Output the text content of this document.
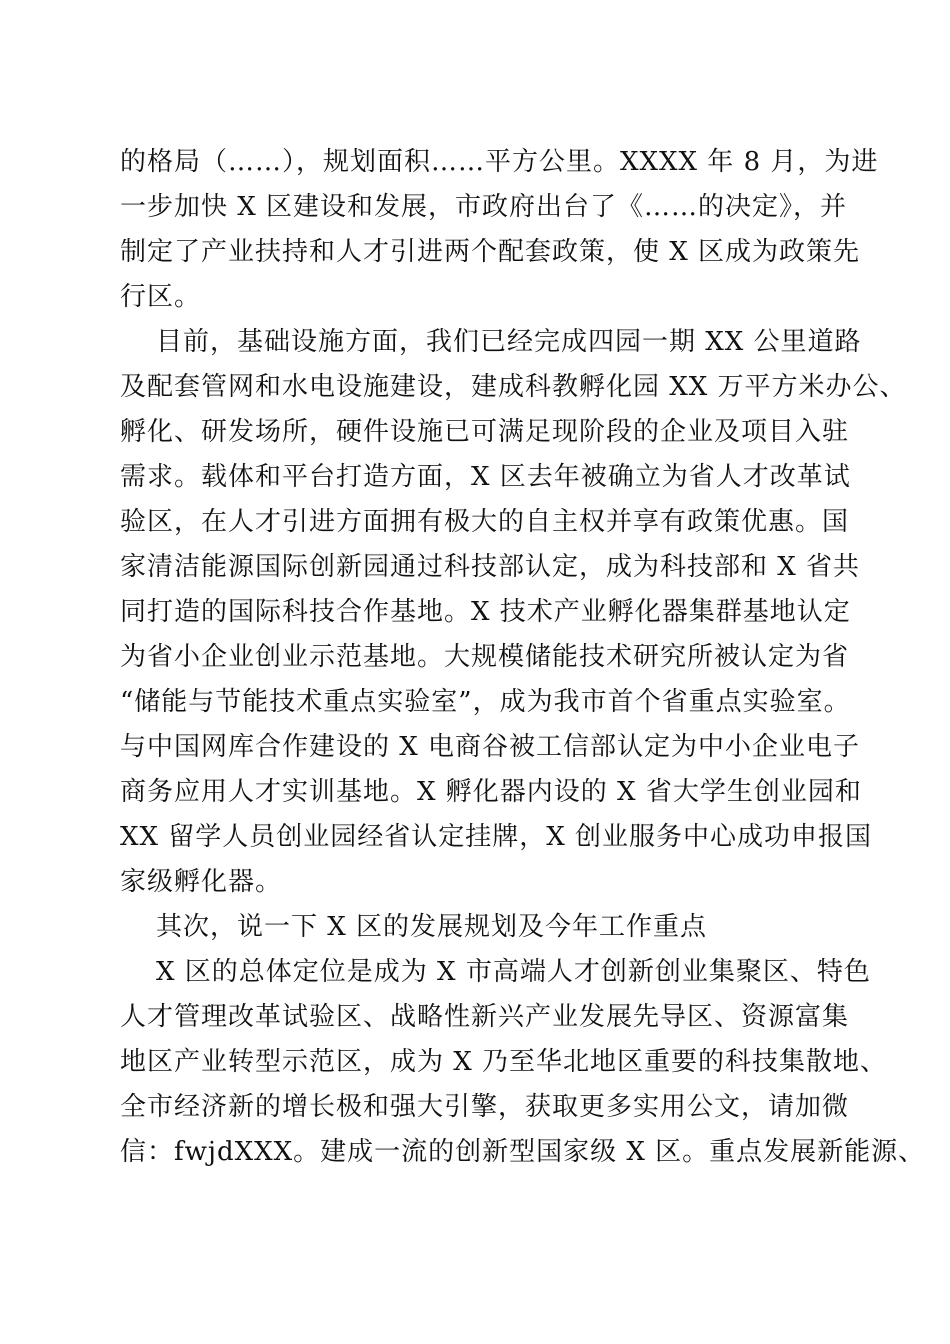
的格局（……），规划面积……平方公里。XXXX 年 8 月，为进

一步加快 X 区建设和发展，市政府出台了《……的决定》，并

制定了产业扶持和人才引进两个配套政策，使 X 区成为政策先

行区。

目前，基础设施方面，我们已经完成四园一期 XX 公里道路

及配套管网和水电设施建设，建成科教孵化园 XX 万平方米办公、

孵化、研发场所，硬件设施已可满足现阶段的企业及项目入驻

需求。载体和平台打造方面，X 区去年被确立为省人才改革试

验区，在人才引进方面拥有极大的自主权并享有政策优惠。国

家清洁能源国际创新园通过科技部认定，成为科技部和 X 省共

同打造的国际科技合作基地。X 技术产业孵化器集群基地认定

为省小企业创业示范基地。大规模储能技术研究所被认定为省

“储能与节能技术重点实验室”，成为我市首个省重点实验室。

与中国网库合作建设的 X 电商谷被工信部认定为中小企业电子

商务应用人才实训基地。X 孵化器内设的 X 省大学生创业园和

XX 留学人员创业园经省认定挂牌，X 创业服务中心成功申报国

家级孵化器。

其次，说一下 X 区的发展规划及今年工作重点

X 区的总体定位是成为 X 市高端人才创新创业集聚区、特色

人才管理改革试验区、战略性新兴产业发展先导区、资源富集

地区产业转型示范区，成为 X 乃至华北地区重要的科技集散地、

全市经济新的增长极和强大引擎，获取更多实用公文，请加微

信：fwjdXXX。建成一流的创新型国家级 X 区。重点发展新能源、
